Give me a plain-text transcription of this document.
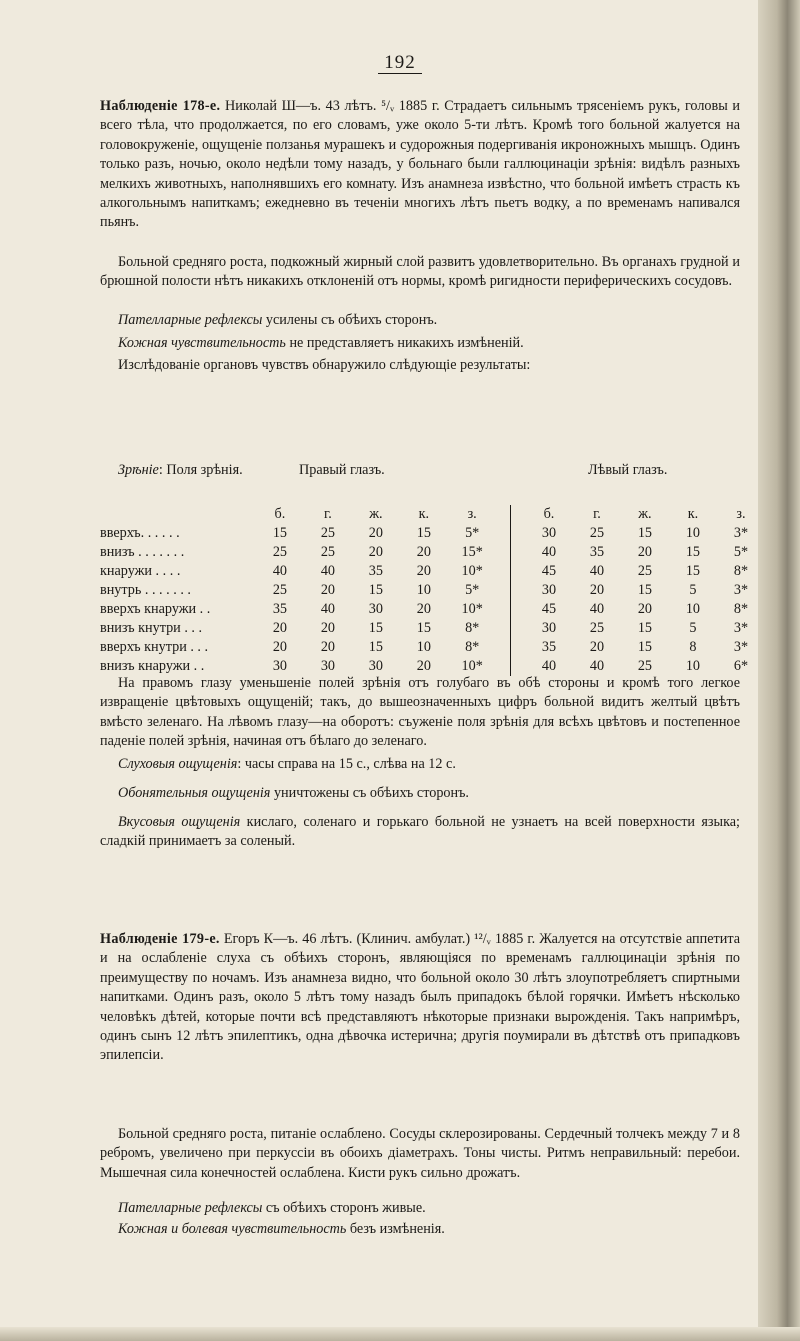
192

Наблюденіе 178-е. Николай Ш—ъ. 43 лѣтъ. ⁵/ᵥ 1885 г. Страдаетъ сильнымъ трясеніемъ рукъ, головы и всего тѣла, что продолжается, по его словамъ, уже около 5-ти лѣтъ. Кромѣ того больной жалуется на головокруженіе, ощущеніе ползанья мурашекъ и судорожныя подергиванія икроножныхъ мышцъ. Одинъ только разъ, ночью, около недѣли тому назадъ, у больнаго были галлюцинаціи зрѣнія: видѣлъ разныхъ мелкихъ животныхъ, наполнявшихъ его комнату. Изъ анамнеза извѣстно, что больной имѣетъ страсть къ алкогольнымъ напиткамъ; ежедневно въ теченіи многихъ лѣтъ пьетъ водку, а по временамъ напивался пьянъ.

Больной средняго роста, подкожный жирный слой развитъ удовлетворительно. Въ органахъ грудной и брюшной полости нѣтъ никакихъ отклоненій отъ нормы, кромѣ ригидности периферическихъ сосудовъ.

Пателларные рефлексы усилены съ обѣихъ сторонъ.

Кожная чувствительность не представляетъ никакихъ измѣненій.

Изслѣдованіе органовъ чувствъ обнаружило слѣдующіе результаты:

Зрѣніе: Поля зрѣнія.	Правый глазъ.	Лѣвый глазъ.
	б.	г.	ж.	к.	з.			б.	г.	ж.	к.	з.
вверхъ. . . . . .	15	25	20	15	5*			30	25	15	10	3*
внизъ . . . . . . .	25	25	20	20	15*			40	35	20	15	5*
кнаружи . . . .	40	40	35	20	10*			45	40	25	15	8*
внутрь . . . . . . .	25	20	15	10	5*			30	20	15	5	3*
вверхъ кнаружи . .	35	40	30	20	10*			45	40	20	10	8*
внизъ кнутри . . .	20	20	15	15	8*			30	25	15	5	3*
вверхъ кнутри . . .	20	20	15	10	8*			35	20	15	8	3*
внизъ кнаружи . .	30	30	30	20	10*			40	40	25	10	6*

На правомъ глазу уменьшеніе полей зрѣнія отъ голубаго въ обѣ стороны и кромѣ того легкое извращеніе цвѣтовыхъ ощущеній; такъ, до вышеозначенныхъ цифръ больной видитъ желтый цвѣтъ вмѣсто зеленаго. На лѣвомъ глазу—на оборотъ: съуженіе поля зрѣнія для всѣхъ цвѣтовъ и постепенное паденіе полей зрѣнія, начиная отъ бѣлаго до зеленаго.

Слуховыя ощущенія: часы справа на 15 с., слѣва на 12 с.

Обонятельныя ощущенія уничтожены съ обѣихъ сторонъ.

Вкусовыя ощущенія кислаго, соленаго и горькаго больной не узнаетъ на всей поверхности языка; сладкій принимаетъ за соленый.

Наблюденіе 179-е. Егоръ К—ъ. 46 лѣтъ. (Клинич. амбулат.) ¹²/ᵥ 1885 г. Жалуется на отсутствіе аппетита и на ослабленіе слуха съ обѣихъ сторонъ, являющіяся по временамъ галлюцинаціи зрѣнія по преимуществу по ночамъ. Изъ анамнеза видно, что больной около 30 лѣтъ злоупотребляетъ спиртными напитками. Одинъ разъ, около 5 лѣтъ тому назадъ былъ припадокъ бѣлой горячки. Имѣетъ нѣсколько человѣкъ дѣтей, которые почти всѣ представляютъ нѣкоторые признаки вырожденія. Такъ напримѣръ, одинъ сынъ 12 лѣтъ эпилептикъ, одна дѣвочка истерична; другія поумирали въ дѣтствѣ отъ припадковъ эпилепсіи.

Больной средняго роста, питаніе ослаблено. Сосуды склерозированы. Сердечный толчекъ между 7 и 8 ребромъ, увеличено при перкуссіи въ обоихъ діаметрахъ. Тоны чисты. Ритмъ неправильный: перебои. Мышечная сила конечностей ослаблена. Кисти рукъ сильно дрожатъ.

Пателларные рефлексы съ обѣихъ сторонъ живые.

Кожная и болевая чувствительность безъ измѣненія.
